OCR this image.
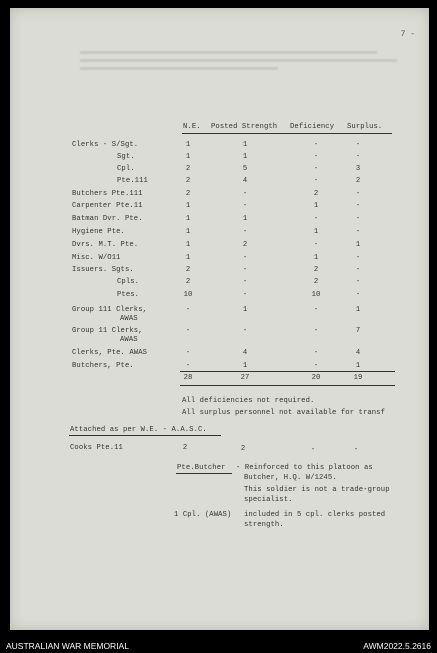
7 -
N.E. Posted Strength Deficiency Surplus.
Clerks - S/Sgt.	1	1	-	-
Sgt.	1	1	-	-
Cpl.	2	5	-	3
Pte.111	2	4	-	2
Butchers Pte.111	2	-	2	-
Carpenter Pte.11	1	-	1	-
Batman Dvr. Pte.	1	1	-	-
Hygiene Pte.	1	-	1	-
Dvrs. M.T. Pte.	1	2	-	1
Misc. W/O11	1	-	1	-
Issuers. Sgts.	2	-	2	-
Cpls.	2	-	2	-
Ptes.	10	-	10	-
Group 111 Clerks,
AWAS
-	1	-	1
Group 11 Clerks,
AWAS
-	-	-	7
Clerks, Pte. AWAS	-	4	-	4
Butchers, Pte.	-	1	-	1
28	27	20	19
All deficiencies not required.
All surplus personnel not available for transf
Attached as per W.E. - A.A.S.C.
Cooks Pte.11	2	2	-	-
Pte.Butcher - Reinforced to this platoon as
Butcher, H.Q. W/1245.
This soldier is not a trade-group
specialist.
1 Cpl. (AWAS) included in 5 cpl. clerks posted
strength.
AUSTRALIAN WAR MEMORIAL	AWM2022.5.2616
